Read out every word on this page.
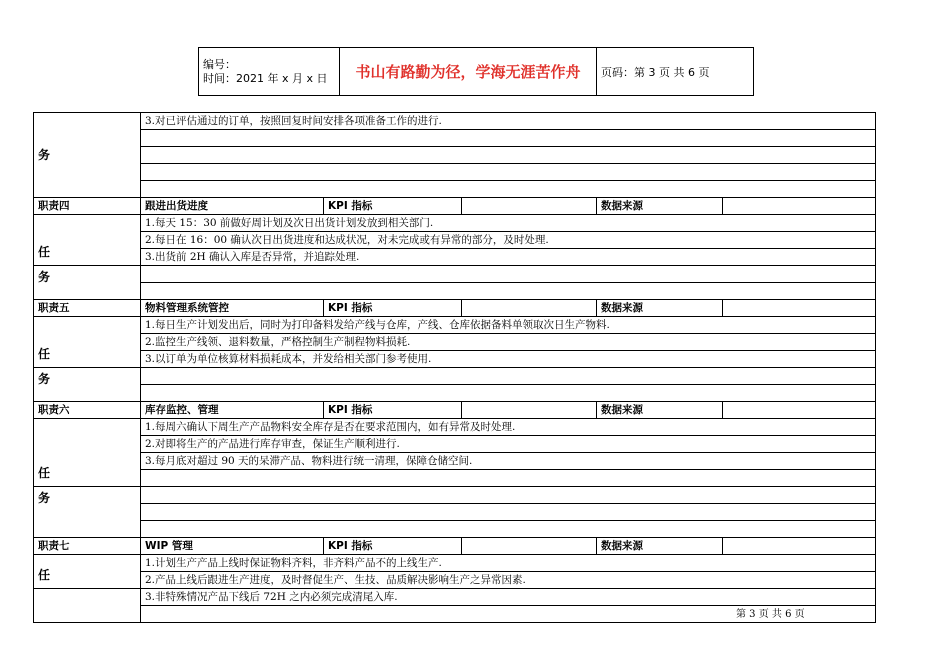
编号：
时间：2021 年 x 月 x 日	书山有路勤为径，学海无涯苦作舟	页码：第 3 页 共 6 页
务	3.对已评估通过的订单，按照回复时间安排各项准备工作的进行.				

职责四	跟进出货进度	KPI 指标		数据来源	
任	1.每天 15：30 前做好周计划及次日出货计划发放到相关部门.				
	2.每日在 16：00 确认次日出货进度和达成状况，对未完成或有异常的部分，及时处理.				
	3.出货前 2H 确认入库是否异常，并追踪处理.				
务					

职责五	物料管理系统管控	KPI 指标		数据来源	
任	1.每日生产计划发出后，同时为打印备料发给产线与仓库，产线、仓库依据备料单领取次日生产物料.				
	2.监控生产线领、退料数量，严格控制生产制程物料损耗.				
	3.以订单为单位核算材料损耗成本，并发给相关部门参考使用.				
务					

职责六	库存监控、管理	KPI 指标		数据来源	
任	1.每周六确认下周生产产品物料安全库存是否在要求范围内，如有异常及时处理.				
	2.对即将生产的产品进行库存审查，保证生产顺利进行.				
	3.每月底对超过 90 天的呆滞产品、物料进行统一清理，保障仓储空间.				

务					

职责七	WIP 管理	KPI 指标		数据来源	
任	1.计划生产产品上线时保证物料齐料，非齐料产品不的上线生产.				
	2.产品上线后跟进生产进度，及时督促生产、生技、品质解决影响生产之异常因素.				
	3.非特殊情况产品下线后 72H 之内必须完成清尾入库.				

第 3 页 共 6 页
